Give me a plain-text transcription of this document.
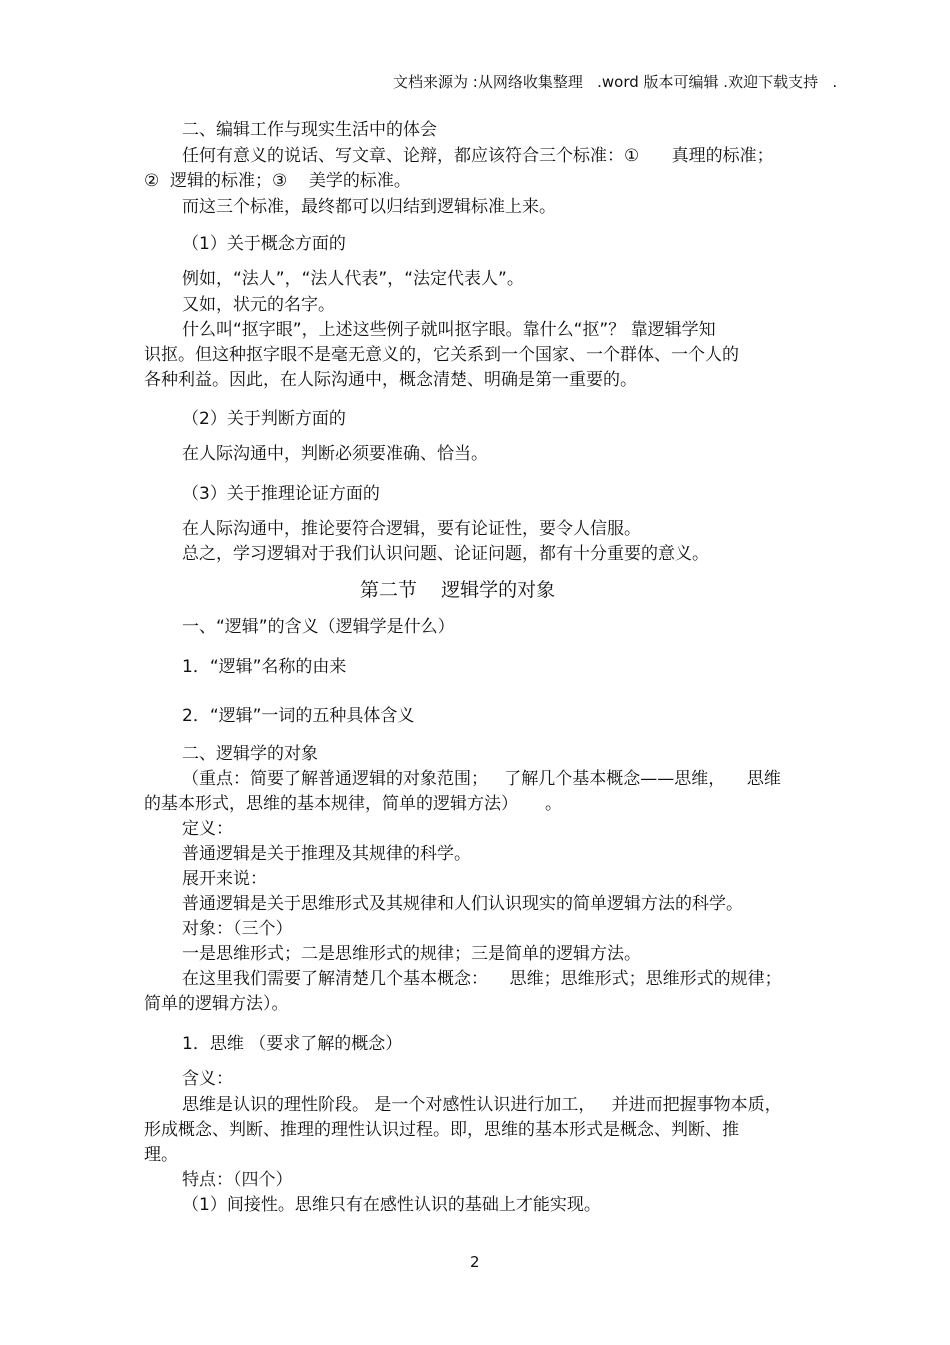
文档来源为 :从网络收集整理   .word 版本可编辑 .欢迎下载支持   .
二、编辑工作与现实生活中的体会
任何有意义的说话、写文章、论辩，都应该符合三个标准：①      真理的标准；
②  逻辑的标准；③    美学的标准。
而这三个标准，最终都可以归结到逻辑标准上来。
（1）关于概念方面的
例如，“法人”，“法人代表”，“法定代表人”。
又如，状元的名字。
什么叫“抠字眼”，上述这些例子就叫抠字眼。靠什么“抠”？ 靠逻辑学知
识抠。但这种抠字眼不是毫无意义的，它关系到一个国家、一个群体、一个人的
各种利益。因此，在人际沟通中，概念清楚、明确是第一重要的。
（2）关于判断方面的
在人际沟通中，判断必须要准确、恰当。
（3）关于推理论证方面的
在人际沟通中，推论要符合逻辑，要有论证性，要令人信服。
总之，学习逻辑对于我们认识问题、论证问题，都有十分重要的意义。
第二节    逻辑学的对象
一、“逻辑”的含义（逻辑学是什么）
1．“逻辑”名称的由来
2．“逻辑”一词的五种具体含义
二、逻辑学的对象
（重点：简要了解普通逻辑的对象范围；   了解几个基本概念——思维，    思维
的基本形式，思维的基本规律，简单的逻辑方法）     。
定义：
普通逻辑是关于推理及其规律的科学。
展开来说：
普通逻辑是关于思维形式及其规律和人们认识现实的简单逻辑方法的科学。
对象：（三个）
一是思维形式；二是思维形式的规律；三是简单的逻辑方法。
在这里我们需要了解清楚几个基本概念：    思维；思维形式；思维形式的规律；
简单的逻辑方法）。
1．思维 （要求了解的概念）
含义：
思维是认识的理性阶段。 是一个对感性认识进行加工，   并进而把握事物本质，
形成概念、判断、推理的理性认识过程。即，思维的基本形式是概念、判断、推
理。
特点：（四个）
（1）间接性。思维只有在感性认识的基础上才能实现。
2
